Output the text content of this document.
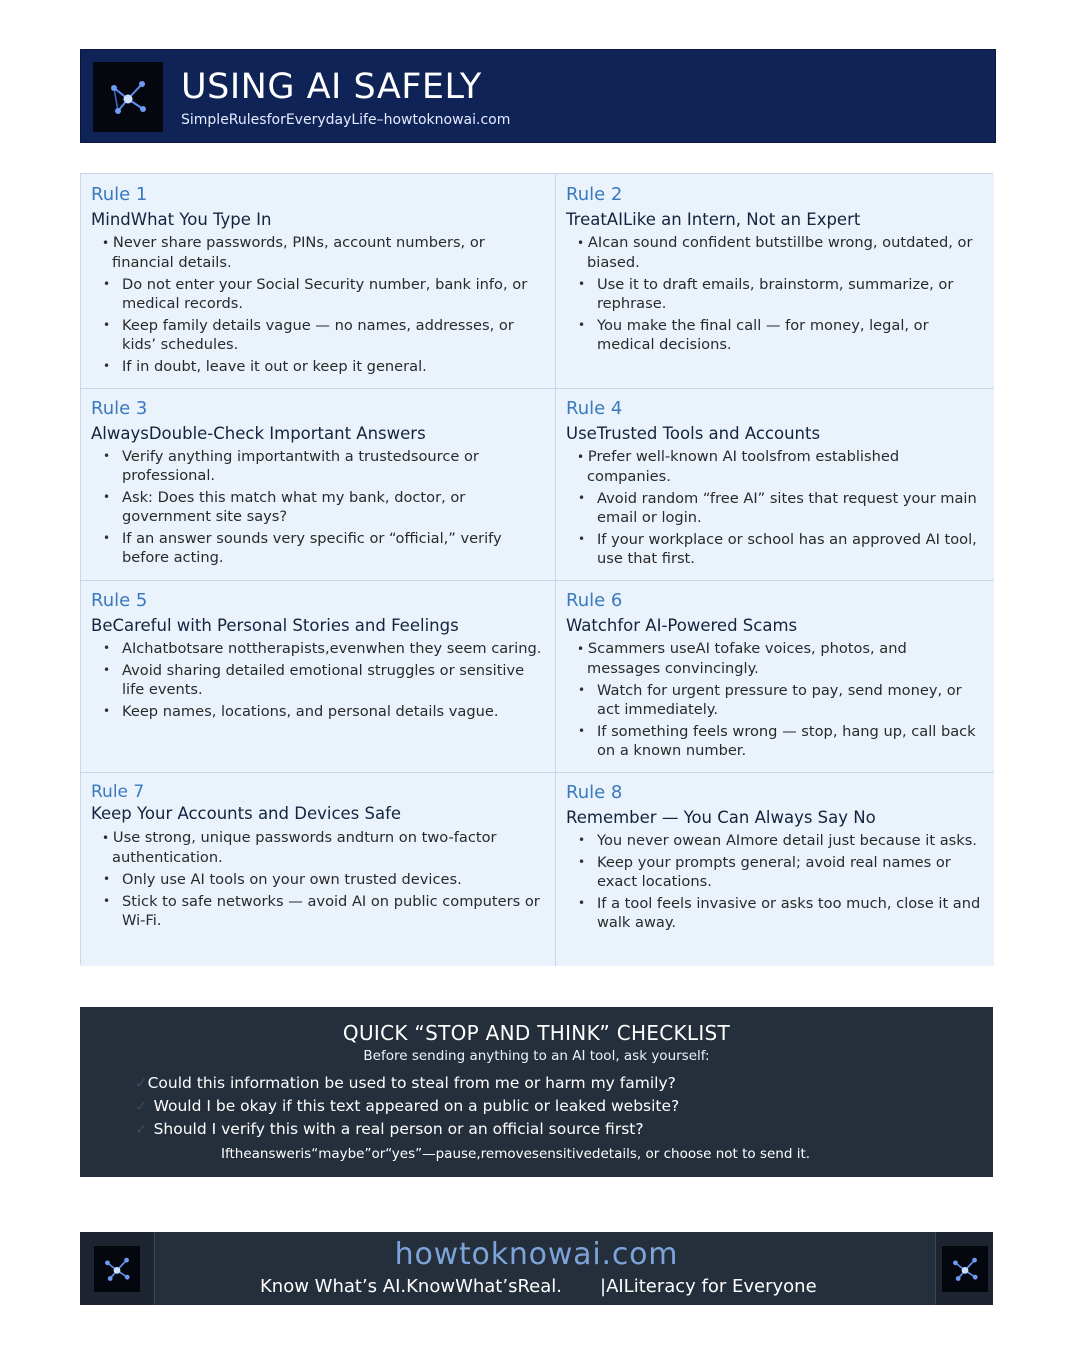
USING AI SAFELY
SimpleRulesforEverydayLife–howtoknowai.com
Rule 1
MindWhat You Type In
• Never share passwords, PINs, account numbers, or financial details.
• Do not enter your Social Security number, bank info, or medical records.
• Keep family details vague — no names, addresses, or kids’ schedules.
• If in doubt, leave it out or keep it general.
Rule 2
TreatAILike an Intern, Not an Expert
• AIcan sound confident butstillbe wrong, outdated, or biased.
• Use it to draft emails, brainstorm, summarize, or rephrase.
• You make the final call — for money, legal, or medical decisions.
Rule 3
AlwaysDouble-Check Important Answers
• Verify anything importantwith a trustedsource or professional.
• Ask: Does this match what my bank, doctor, or government site says?
• If an answer sounds very specific or “official,” verify before acting.
Rule 4
UseTrusted Tools and Accounts
• Prefer well-known AI toolsfrom established companies.
• Avoid random “free AI” sites that request your main email or login.
• If your workplace or school has an approved AI tool, use that first.
Rule 5
BeCareful with Personal Stories and Feelings
• AIchatbotsare nottherapists,evenwhen they seem caring.
• Avoid sharing detailed emotional struggles or sensitive life events.
• Keep names, locations, and personal details vague.
Rule 6
Watchfor AI-Powered Scams
• Scammers useAI tofake voices, photos, and messages convincingly.
• Watch for urgent pressure to pay, send money, or act immediately.
• If something feels wrong — stop, hang up, call back on a known number.
Rule 7
Keep Your Accounts and Devices Safe
• Use strong, unique passwords andturn on two-factor authentication.
• Only use AI tools on your own trusted devices.
• Stick to safe networks — avoid AI on public computers or Wi-Fi.
Rule 8
Remember — You Can Always Say No
• You never owean AImore detail just because it asks.
• Keep your prompts general; avoid real names or exact locations.
• If a tool feels invasive or asks too much, close it and walk away.
QUICK “STOP AND THINK” CHECKLIST
Before sending anything to an AI tool, ask yourself:
✓Could this information be used to steal from me or harm my family?
✓ Would I be okay if this text appeared on a public or leaked website?
✓ Should I verify this with a real person or an official source first?
Iftheansweris“maybe”or“yes”—pause,removesensitivedetails, or choose not to send it.
howtoknowai.com
Know What’s AI.KnowWhat’sReal. |AILiteracy for Everyone
